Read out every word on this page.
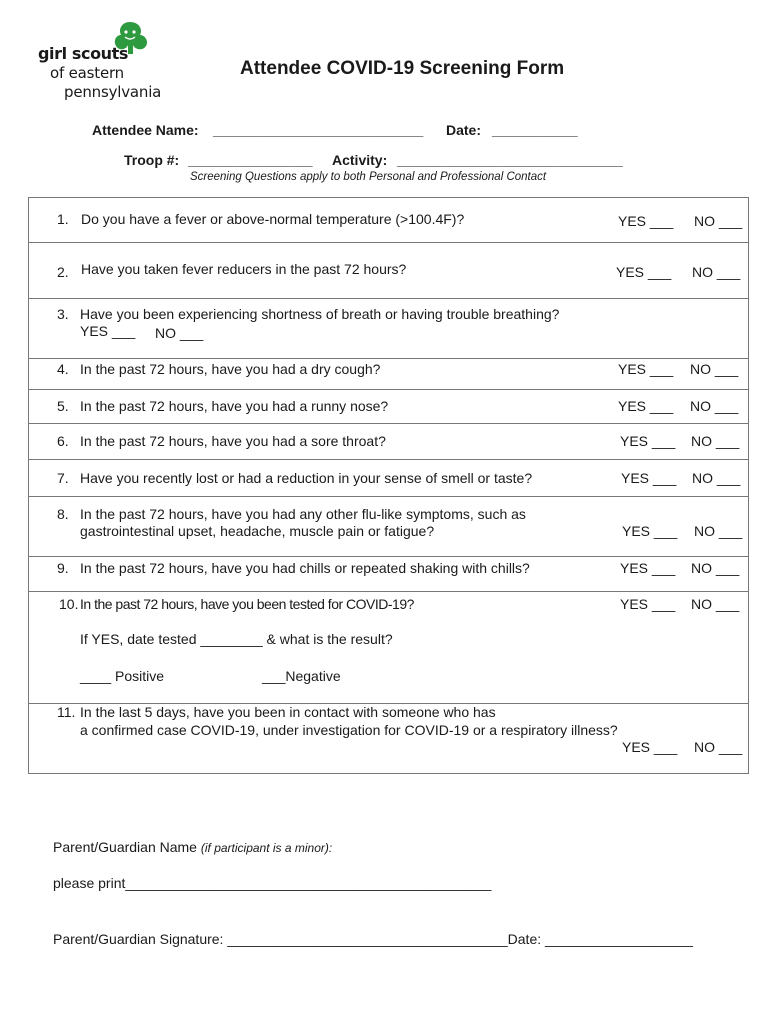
girl scouts
of eastern
pennsylvania
Attendee COVID-19 Screening Form
Attendee Name: ___________________________ Date: ___________
Troop #: ________________ Activity: _____________________________
Screening Questions apply to both Personal and Professional Contact
1. Do you have a fever or above-normal temperature (>100.4F)?	YES ___ NO ___
2. Have you taken fever reducers in the past 72 hours?	YES ___ NO ___
3. Have you been experiencing shortness of breath or having trouble breathing?
YES ___ NO ___
4. In the past 72 hours, have you had a dry cough?	YES ___ NO ___
5. In the past 72 hours, have you had a runny nose?	YES ___ NO ___
6. In the past 72 hours, have you had a sore throat?	YES ___ NO ___
7. Have you recently lost or had a reduction in your sense of smell or taste?	YES ___ NO ___
8. In the past 72 hours, have you had any other flu-like symptoms, such as
gastrointestinal upset, headache, muscle pain or fatigue?	YES ___ NO ___
9. In the past 72 hours, have you had chills or repeated shaking with chills?	YES ___ NO ___
10. In the past 72 hours, have you been tested for COVID-19?	YES ___ NO ___
If YES, date tested ________ & what is the result?
____ Positive	___Negative
11. In the last 5 days, have you been in contact with someone who has
a confirmed case COVID-19, under investigation for COVID-19 or a respiratory illness?
YES ___ NO ___
Parent/Guardian Name (if participant is a minor):
please print_______________________________________________
Parent/Guardian Signature: ____________________________________Date: ___________________
